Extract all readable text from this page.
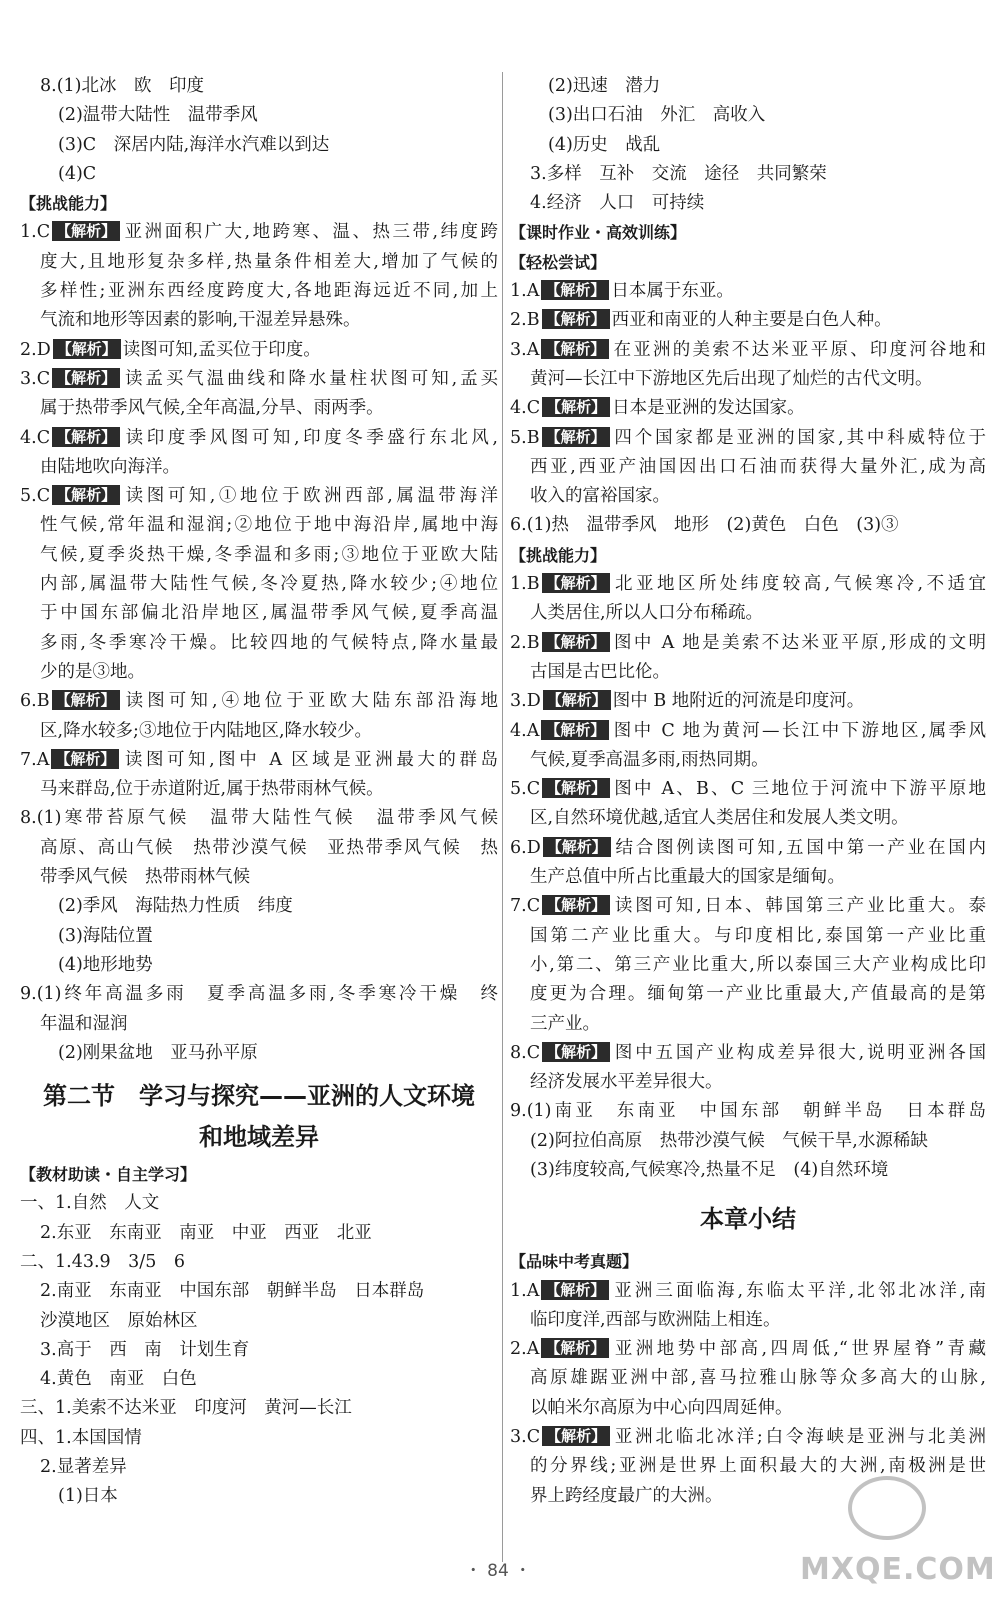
8.(1)北冰　欧　印度
(2)温带大陆性　温带季风
(3)C　深居内陆,海洋水汽难以到达
(4)C
【挑战能力】
1.C 【解析】 亚洲面积广大,地跨寒、温、热三带,纬度跨
度大,且地形复杂多样,热量条件相差大,增加了气候的
多样性;亚洲东西经度跨度大,各地距海远近不同,加上
气流和地形等因素的影响,干湿差异悬殊。
2.D 【解析】 读图可知,孟买位于印度。
3.C 【解析】 读孟买气温曲线和降水量柱状图可知,孟买
属于热带季风气候,全年高温,分旱、雨两季。
4.C 【解析】 读印度季风图可知,印度冬季盛行东北风,
由陆地吹向海洋。
5.C 【解析】 读图可知,①地位于欧洲西部,属温带海洋
性气候,常年温和湿润;②地位于地中海沿岸,属地中海
气候,夏季炎热干燥,冬季温和多雨;③地位于亚欧大陆
内部,属温带大陆性气候,冬冷夏热,降水较少;④地位
于中国东部偏北沿岸地区,属温带季风气候,夏季高温
多雨,冬季寒冷干燥。比较四地的气候特点,降水量最
少的是③地。
6.B 【解析】 读图可知,④地位于亚欧大陆东部沿海地
区,降水较多;③地位于内陆地区,降水较少。
7.A 【解析】 读图可知,图中 A 区域是亚洲最大的群岛
马来群岛,位于赤道附近,属于热带雨林气候。
8.(1)寒带苔原气候　温带大陆性气候　温带季风气候
高原、高山气候　热带沙漠气候　亚热带季风气候　热
带季风气候　热带雨林气候
(2)季风　海陆热力性质　纬度
(3)海陆位置
(4)地形地势
9.(1)终年高温多雨　夏季高温多雨,冬季寒冷干燥　终
年温和湿润
(2)刚果盆地　亚马孙平原
第二节　学习与探究——亚洲的人文环境
和地域差异
【教材助读・自主学习】
一、1.自然　人文
2.东亚　东南亚　南亚　中亚　西亚　北亚
二、1.43.9　3/5　6
2.南亚　东南亚　中国东部　朝鲜半岛　日本群岛
沙漠地区　原始林区
3.高于　西　南　计划生育
4.黄色　南亚　白色
三、1.美索不达米亚　印度河　黄河—长江
四、1.本国国情
2.显著差异
(1)日本
(2)迅速　潜力
(3)出口石油　外汇　高收入
(4)历史　战乱
3.多样　互补　交流　途径　共同繁荣
4.经济　人口　可持续
【课时作业・高效训练】
【轻松尝试】
1.A 【解析】 日本属于东亚。
2.B 【解析】 西亚和南亚的人种主要是白色人种。
3.A 【解析】 在亚洲的美索不达米亚平原、印度河谷地和
黄河—长江中下游地区先后出现了灿烂的古代文明。
4.C 【解析】 日本是亚洲的发达国家。
5.B 【解析】 四个国家都是亚洲的国家,其中科威特位于
西亚,西亚产油国因出口石油而获得大量外汇,成为高
收入的富裕国家。
6.(1)热　温带季风　地形　(2)黄色　白色　(3)③
【挑战能力】
1.B 【解析】 北亚地区所处纬度较高,气候寒冷,不适宜
人类居住,所以人口分布稀疏。
2.B 【解析】 图中 A 地是美索不达米亚平原,形成的文明
古国是古巴比伦。
3.D 【解析】 图中 B 地附近的河流是印度河。
4.A 【解析】 图中 C 地为黄河—长江中下游地区,属季风
气候,夏季高温多雨,雨热同期。
5.C 【解析】 图中 A、B、C 三地位于河流中下游平原地
区,自然环境优越,适宜人类居住和发展人类文明。
6.D 【解析】 结合图例读图可知,五国中第一产业在国内
生产总值中所占比重最大的国家是缅甸。
7.C 【解析】 读图可知,日本、韩国第三产业比重大。泰
国第二产业比重大。与印度相比,泰国第一产业比重
小,第二、第三产业比重大,所以泰国三大产业构成比印
度更为合理。缅甸第一产业比重最大,产值最高的是第
三产业。
8.C 【解析】 图中五国产业构成差异很大,说明亚洲各国
经济发展水平差异很大。
9.(1)南亚　东南亚　中国东部　朝鲜半岛　日本群岛
(2)阿拉伯高原　热带沙漠气候　气候干旱,水源稀缺
(3)纬度较高,气候寒冷,热量不足　(4)自然环境
本章小结
【品味中考真题】
1.A 【解析】 亚洲三面临海,东临太平洋,北邻北冰洋,南
临印度洋,西部与欧洲陆上相连。
2.A 【解析】 亚洲地势中部高,四周低,“世界屋脊”青藏
高原雄踞亚洲中部,喜马拉雅山脉等众多高大的山脉,
以帕米尔高原为中心向四周延伸。
3.C 【解析】 亚洲北临北冰洋;白令海峡是亚洲与北美洲
的分界线;亚洲是世界上面积最大的大洲,南极洲是世
界上跨经度最广的大洲。
MXQE.COM
・ 84 ・
